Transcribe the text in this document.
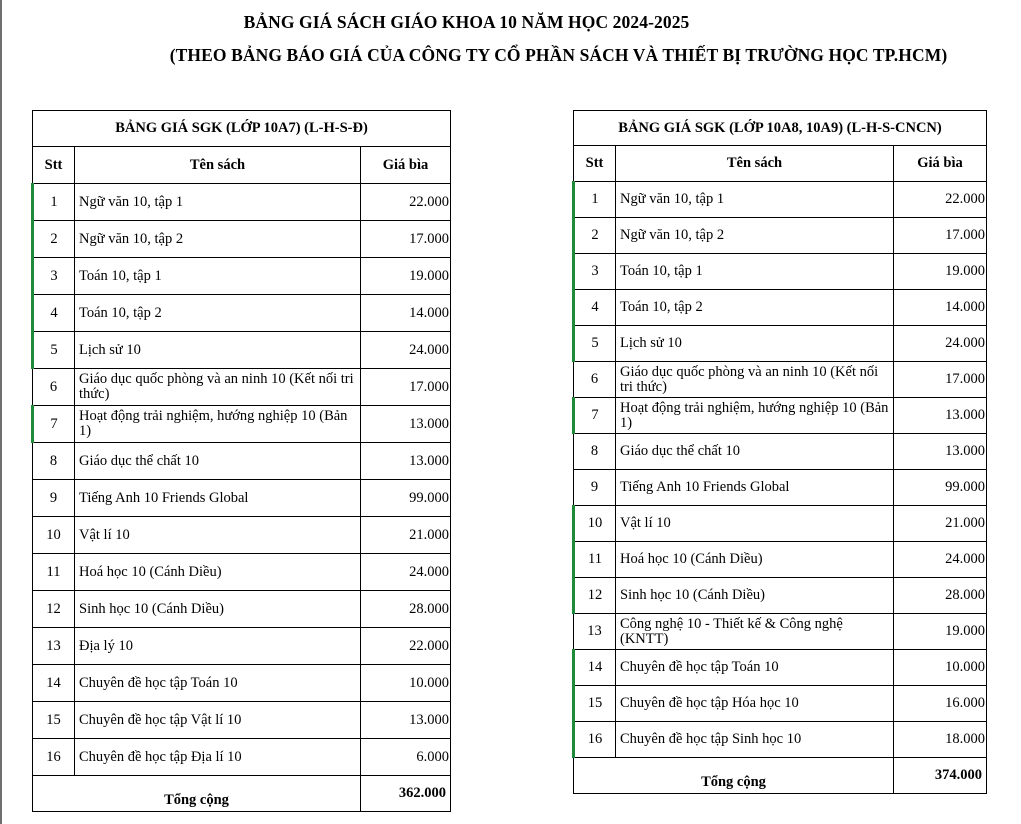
BẢNG GIÁ SÁCH GIÁO KHOA 10 NĂM HỌC 2024-2025
(THEO BẢNG BÁO GIÁ CỦA CÔNG TY CỔ PHẦN SÁCH VÀ THIẾT BỊ TRƯỜNG HỌC TP.HCM)
BẢNG GIÁ SGK (LỚP 10A7) (L-H-S-Đ)		
Stt	Tên sách	Giá bìa
1	Ngữ văn 10, tập 1	22.000
2	Ngữ văn 10, tập 2	17.000
3	Toán 10, tập 1	19.000
4	Toán 10, tập 2	14.000
5	Lịch sử 10	24.000
6	Giáo dục quốc phòng và an ninh 10 (Kết nối tri thức)	17.000
7	Hoạt động trải nghiệm, hướng nghiệp 10 (Bản 1)	13.000
8	Giáo dục thể chất 10	13.000
9	Tiếng Anh 10 Friends Global	99.000
10	Vật lí 10	21.000
11	Hoá học 10 (Cánh Diều)	24.000
12	Sinh học 10 (Cánh Diều)	28.000
13	Địa lý 10	22.000
14	Chuyên đề học tập Toán 10	10.000
15	Chuyên đề học tập Vật lí 10	13.000
16	Chuyên đề học tập Địa lí 10	6.000
Tổng cộng		362.000
BẢNG GIÁ SGK (LỚP 10A8, 10A9) (L-H-S-CNCN)		
Stt	Tên sách	Giá bìa
1	Ngữ văn 10, tập 1	22.000
2	Ngữ văn 10, tập 2	17.000
3	Toán 10, tập 1	19.000
4	Toán 10, tập 2	14.000
5	Lịch sử 10	24.000
6	Giáo dục quốc phòng và an ninh 10 (Kết nối tri thức)	17.000
7	Hoạt động trải nghiệm, hướng nghiệp 10 (Bản 1)	13.000
8	Giáo dục thể chất 10	13.000
9	Tiếng Anh 10 Friends Global	99.000
10	Vật lí 10	21.000
11	Hoá học 10 (Cánh Diều)	24.000
12	Sinh học 10 (Cánh Diều)	28.000
13	Công nghệ 10 - Thiết kế & Công nghệ (KNTT)	19.000
14	Chuyên đề học tập Toán 10	10.000
15	Chuyên đề học tập Hóa học 10	16.000
16	Chuyên đề học tập Sinh học 10	18.000
Tổng cộng		374.000
